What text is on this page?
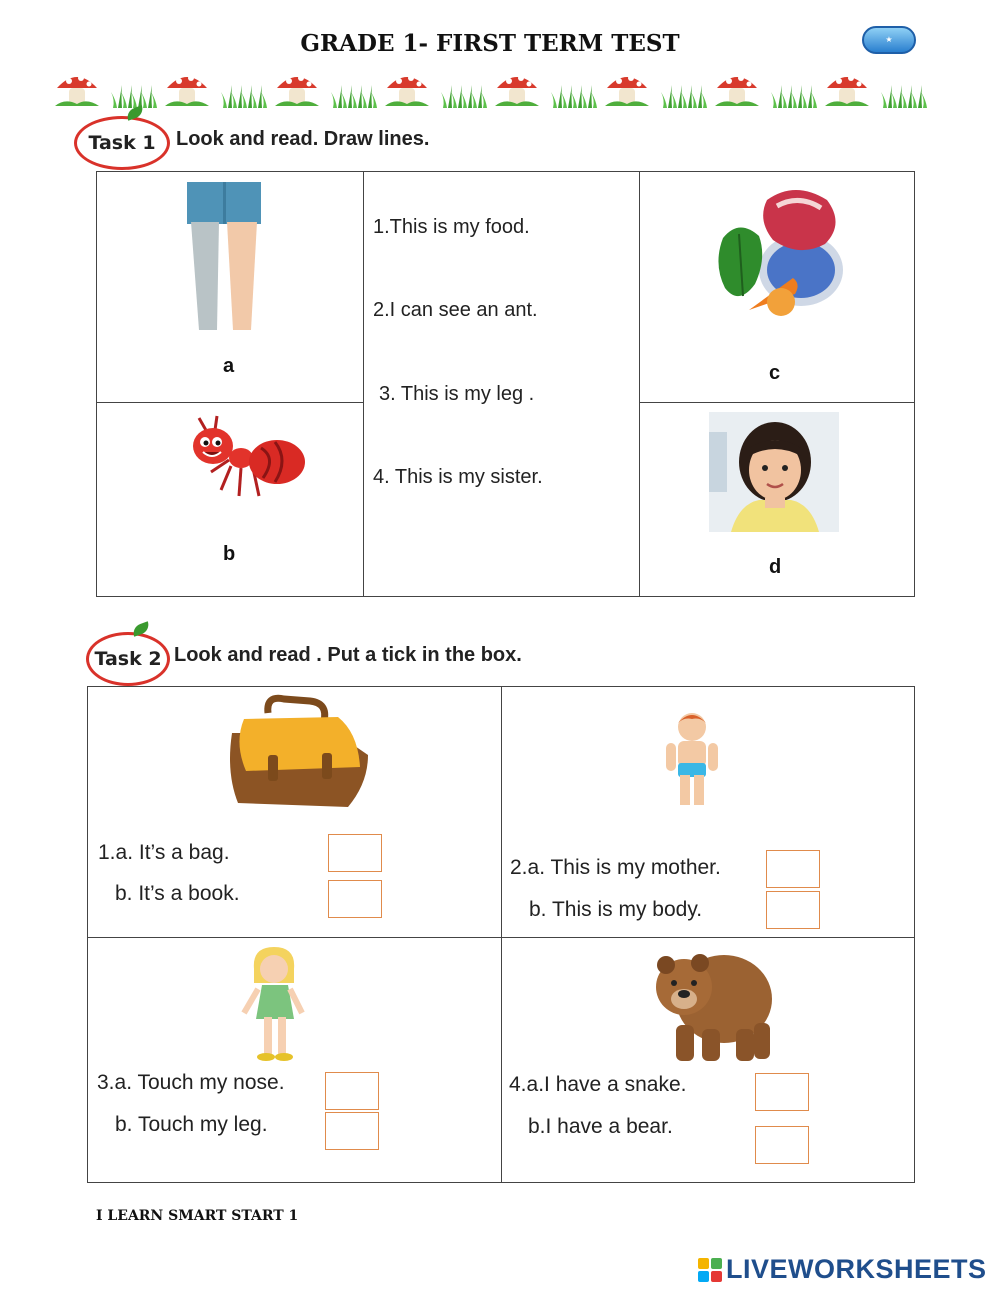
GRADE 1- FIRST TERM TEST	★
Task 1	Look and read. Draw lines.
a
b
1.This is my food.
2.I can see an ant.
3. This is my leg .
4. This is my sister.
c
d
Task 2 Look and read . Put a tick in the box.
1.a. It’s a bag.
b. It’s a book.
2.a. This is my mother.
b. This is my body.
3.a. Touch my nose.
b. Touch my leg.
4.a.I have a snake.
b.I have a bear.
I LEARN SMART START 1
LIVEWORKSHEETS
